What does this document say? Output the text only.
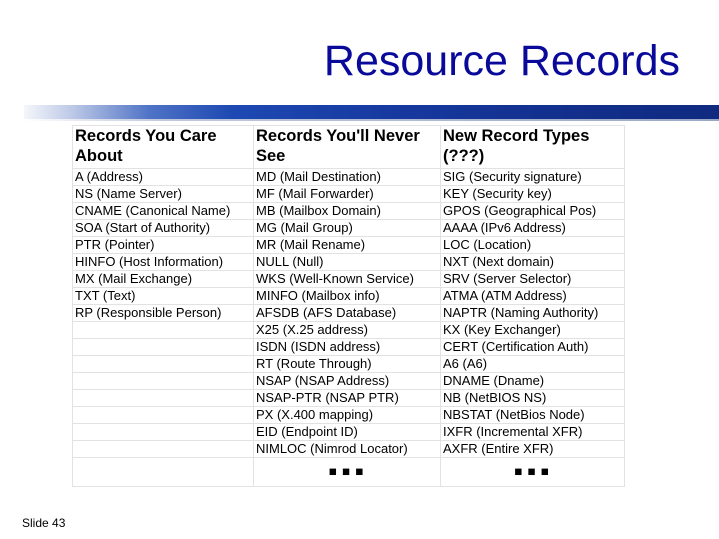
Resource Records
Records You Care About	Records You'll Never See	New Record Types (???)
A (Address)	MD (Mail Destination)	SIG (Security signature)
NS (Name Server)	MF (Mail Forwarder)	KEY (Security key)
CNAME (Canonical Name)	MB (Mailbox Domain)	GPOS (Geographical Pos)
SOA (Start of Authority)	MG (Mail Group)	AAAA (IPv6 Address)
PTR (Pointer)	MR (Mail Rename)	LOC (Location)
HINFO (Host Information)	NULL (Null)	NXT (Next domain)
MX (Mail Exchange)	WKS (Well-Known Service)	SRV (Server Selector)
TXT (Text)	MINFO (Mailbox info)	ATMA (ATM Address)
RP (Responsible Person)	AFSDB (AFS Database)	NAPTR (Naming Authority)
	X25 (X.25 address)	KX (Key Exchanger)
	ISDN (ISDN address)	CERT (Certification Auth)
	RT (Route Through)	A6 (A6)
	NSAP (NSAP Address)	DNAME (Dname)
	NSAP-PTR (NSAP PTR)	NB (NetBIOS NS)
	PX (X.400 mapping)	NBSTAT (NetBios Node)
	EID (Endpoint ID)	IXFR (Incremental XFR)
	NIMLOC (Nimrod Locator)	AXFR (Entire XFR)
	▪▪▪	▪▪▪
Slide 43
